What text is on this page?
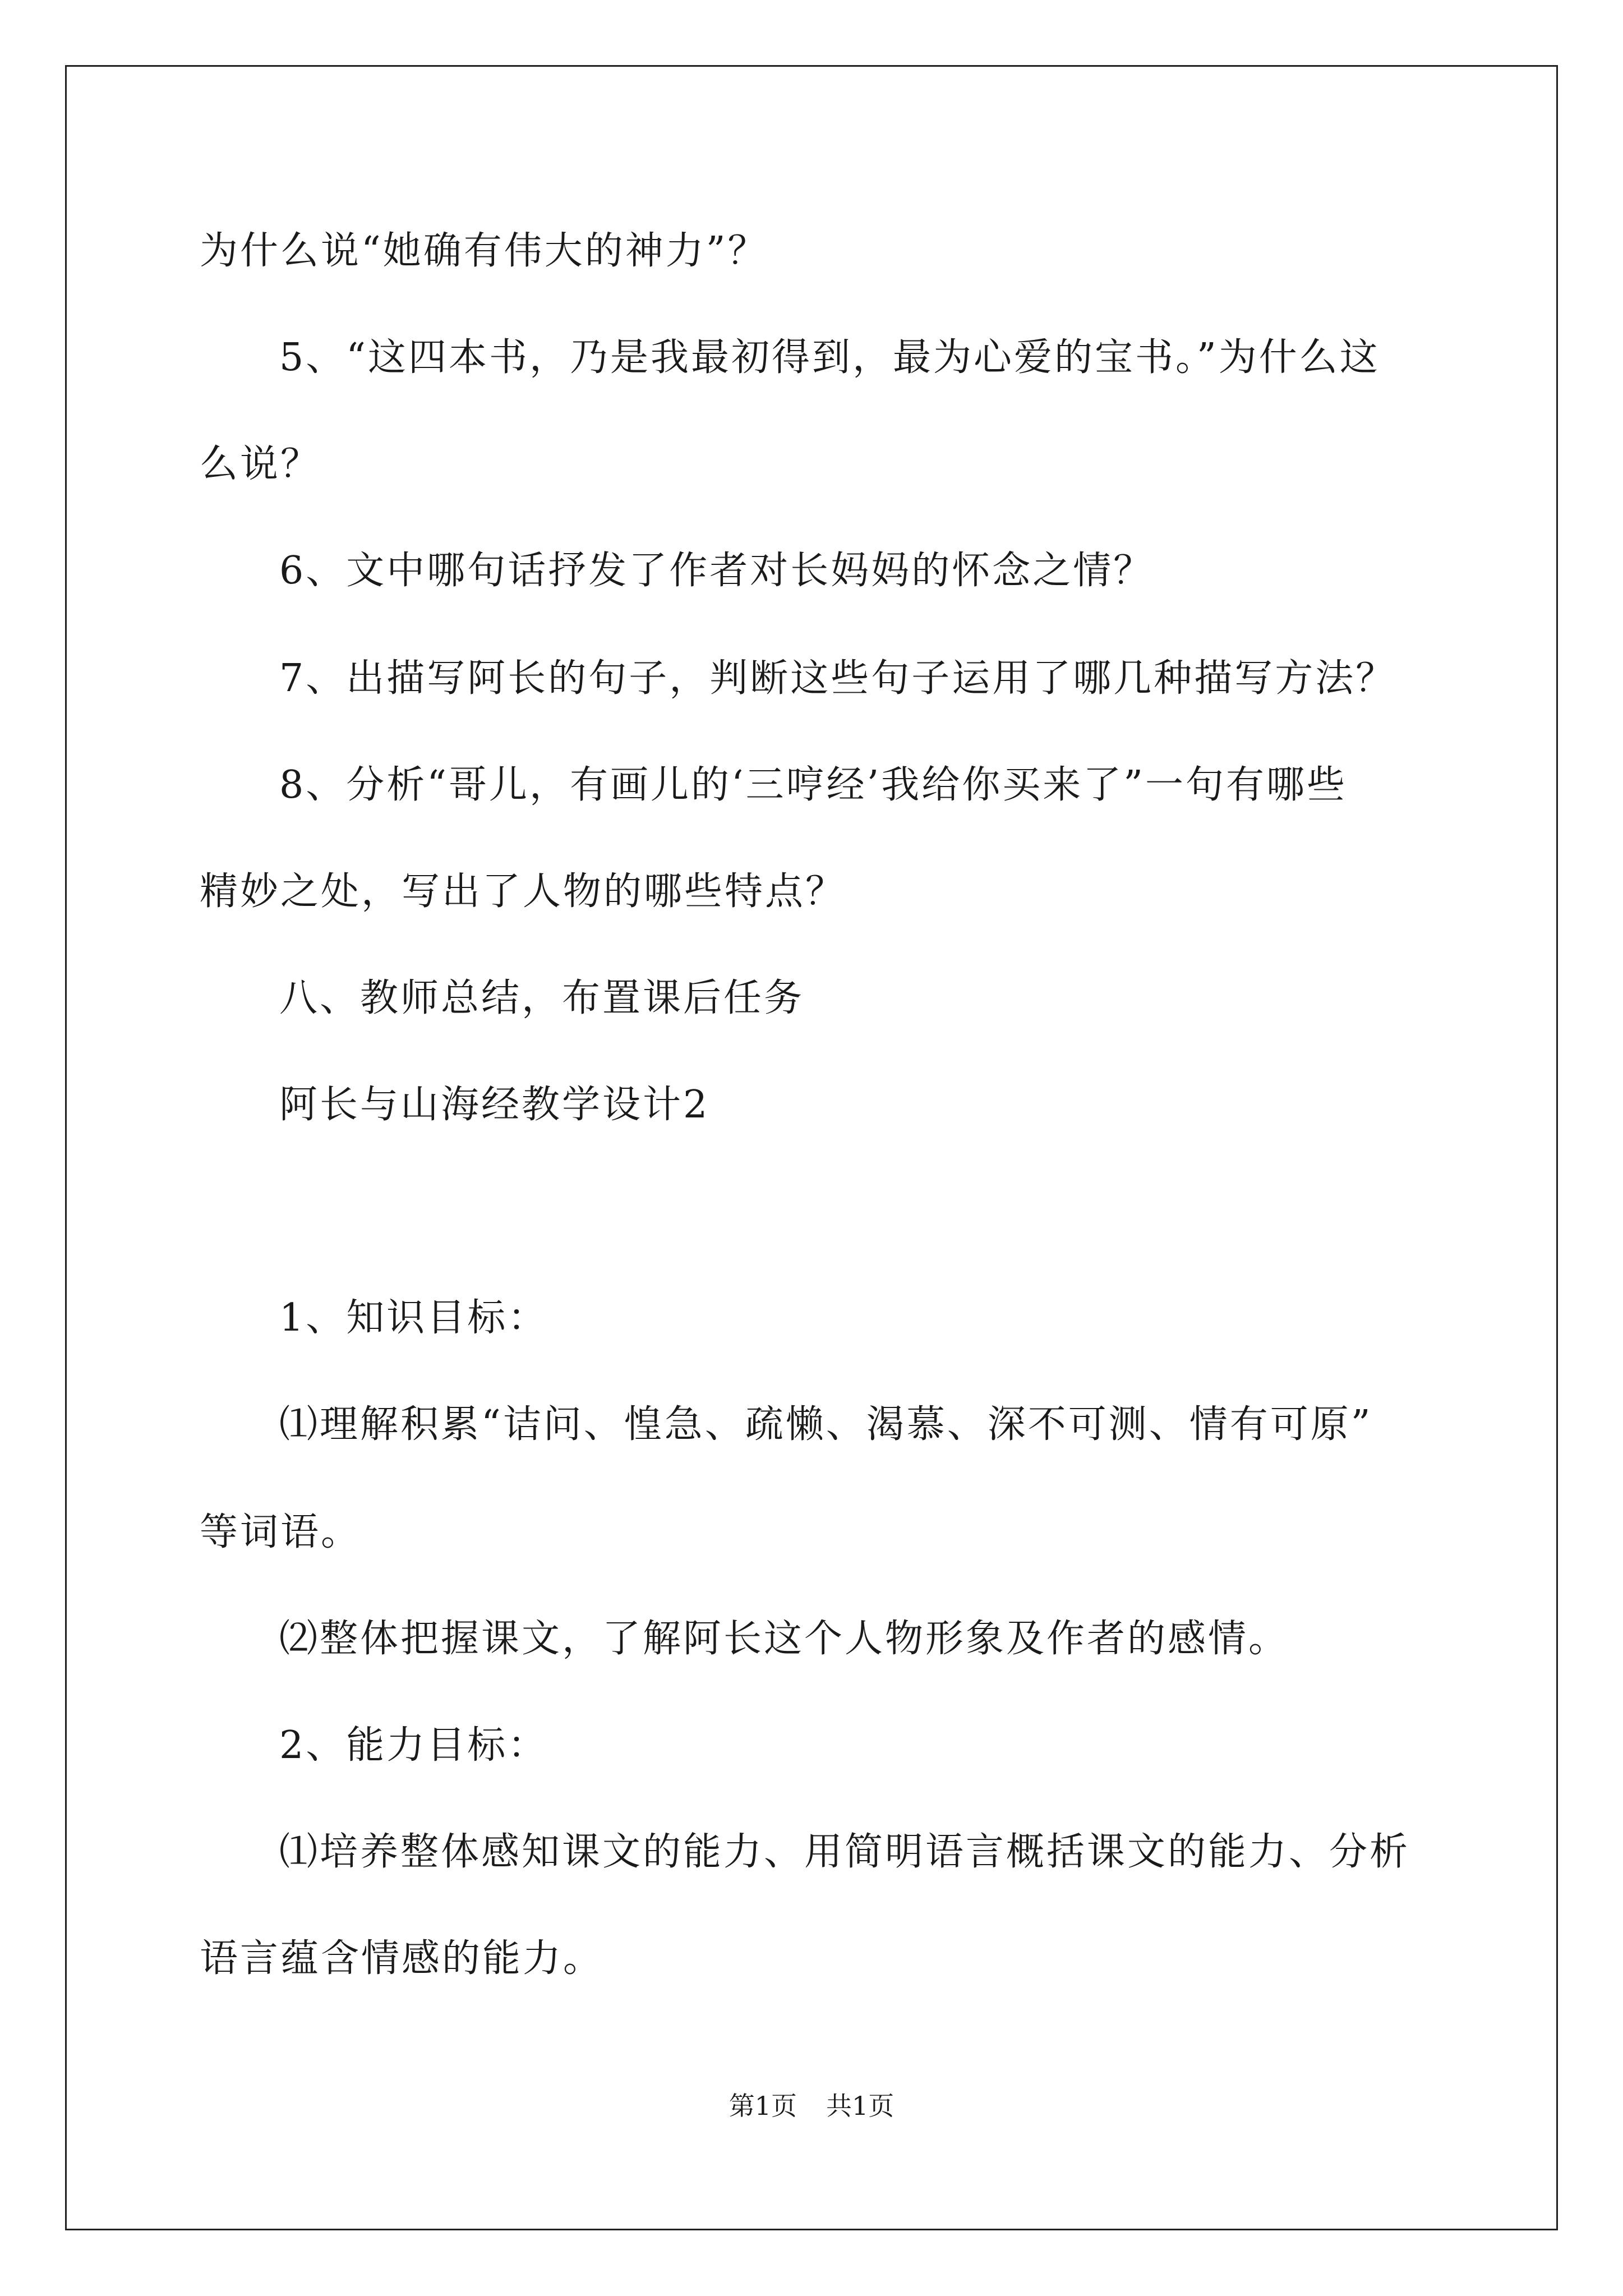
为什么说“她确有伟大的神力”？

5、“这四本书，乃是我最初得到，最为心爱的宝书。”为什么这

么说？

6、文中哪句话抒发了作者对长妈妈的怀念之情？

7、出描写阿长的句子，判断这些句子运用了哪几种描写方法？

8、分析“哥儿，有画儿的‘三哼经’我给你买来了”一句有哪些

精妙之处，写出了人物的哪些特点？

八、教师总结，布置课后任务

阿长与山海经教学设计2

1、知识目标：

⑴理解积累“诘问、惶急、疏懒、渴慕、深不可测、情有可原”

等词语。

⑵整体把握课文，了解阿长这个人物形象及作者的感情。

2、能力目标：

⑴培养整体感知课文的能力、用简明语言概括课文的能力、分析

语言蕴含情感的能力。

第1页 共1页
